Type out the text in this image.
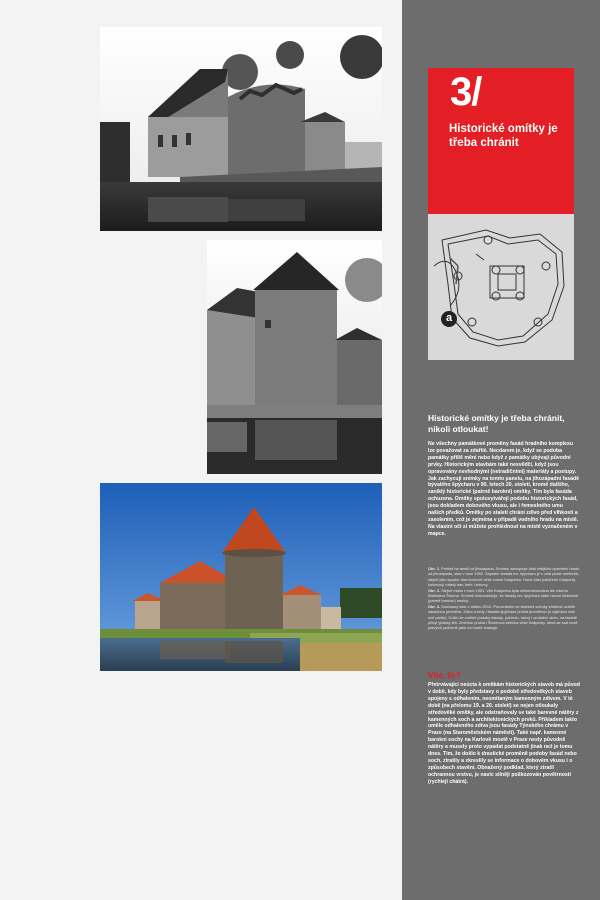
3/
Historické omítky je třeba chránit
a
Historické omítky je třeba chránit, nikoli otloukat!
Ne všechny památkové proměny fasád hradního komplexu lze považovat za zdařilé. Necdarem je, když se podoba památky příliš mění nebo když z památky ubývají původní prvky. Historickým stavbám také nesvědčí, když jsou opravovány nevhodnými (netradičními) materiály a postupy. Jak zachycují snímky na tomto panelu, na jihozápadní fasádě bývalého špýcharu v 90. letech 20. století, kromě dalšího, zaniklý historické (patrně barokní) omítky. Tím byla fasáda ochuzena. Omítky spoluvytvářejí podobu historických fasád, jsou dokladem dobového vkusu, ale i řemeslného umu našich předků. Omítky po staletí chrání zdivo před vlhkostí a zasolením, což je zejména v případě vodního hradu na místě. Na vlastní oči si můžete prohlédnout na místě vyznačeném v mapce.
Obr. 1. Pohled na areál od jihozápadu. Snímek zachycuje část vnějšího opevnění hradu od jihozápadu, stav v roce 1950. Západní fasáda tzv. špýcharu je v celé ploše omítnutá, stejně jako spodní část kruhové věže zvané Kašperka. Horní část pobořené Kašperky kolonizují náletý trav, keře i stromy.
Obr. 2. Stejné místo v roce 1951. Věž Kašperka byla zrekonstruována dle návrhu Břetislava Štorma. Snímek dokumentuje, že fasády tzv. špýcharu stále nesou historické (patrně barokní) omítky.
Obr. 3. Současný stav v dubnu 2012. Porovnáním se staršími snímky zřetelně uvidíte zásadnou proměnu. Zdivo a tedy i fasáda špýcharu prošla proměnou (s výjimkou sokl ové partie). Došlo ke změně podoby fasády, pohledu, barvy i umístění oken, na fasádě přibyl gotický štít. Změnou prošla i Štormova střecha věže Kašperky, která se sad nově pokrývá podobně jako na hradě analogii.
Víte, že?
Přetrvávající neúcta k omítkám historických staveb má původ v době, kdy byly představy o podobě středověkých staveb spojeny s odhalením, neomítaným kamenným zdivem. V té době (na přelomu 19. a 20. století) se nejen otloukaly středověké omítky, ale odstraňovaly se také barevné nátěry z kamenných soch a architektonických prvků. Příkladem takto uměle odhaleného zdiva jsou fasády Týnského chrámu v Praze (na Staroměstském náměstí). Také např. kamenné barokní sochy na Karlově mostě v Praze nesly původně nátěry a musely proto vypadat podstatně jinak než je tomu dnes. Tím, že došlo k drastické proměně podoby fasád nebo soch, ztratily a zkreslily se informace o dobovém vkusu i o způsobech stavění. Obnažený podklad, který ztratil ochrannou vrstvu, je navíc silněji poškozován povětrností (rychleji chátrá).
